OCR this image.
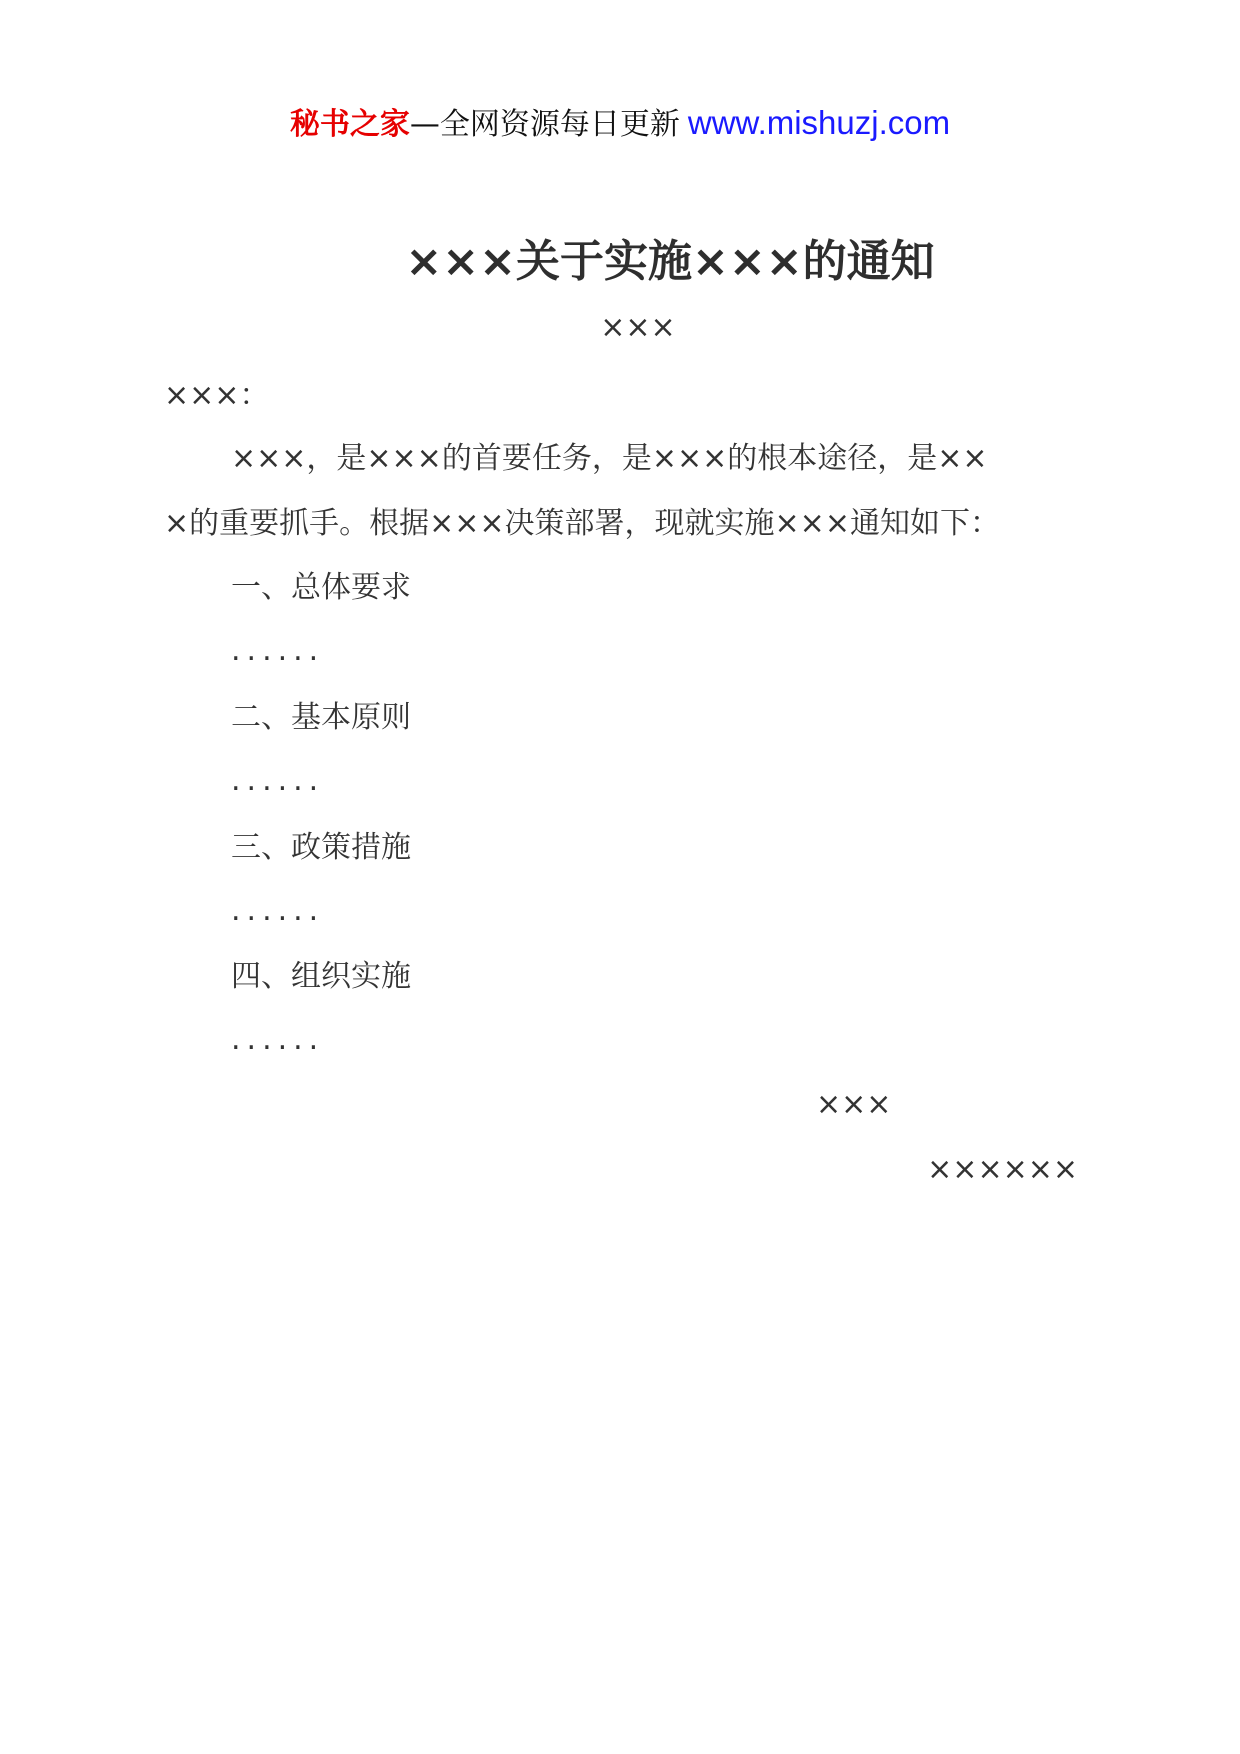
秘书之家—全网资源每日更新 www.mishuzj.com
×××关于实施×××的通知
×××
×××：
×××，是×××的首要任务，是×××的根本途径，是××
×的重要抓手。根据×××决策部署，现就实施×××通知如下：
一、总体要求
......
二、基本原则
......
三、政策措施
......
四、组织实施
......
×××
××××××
